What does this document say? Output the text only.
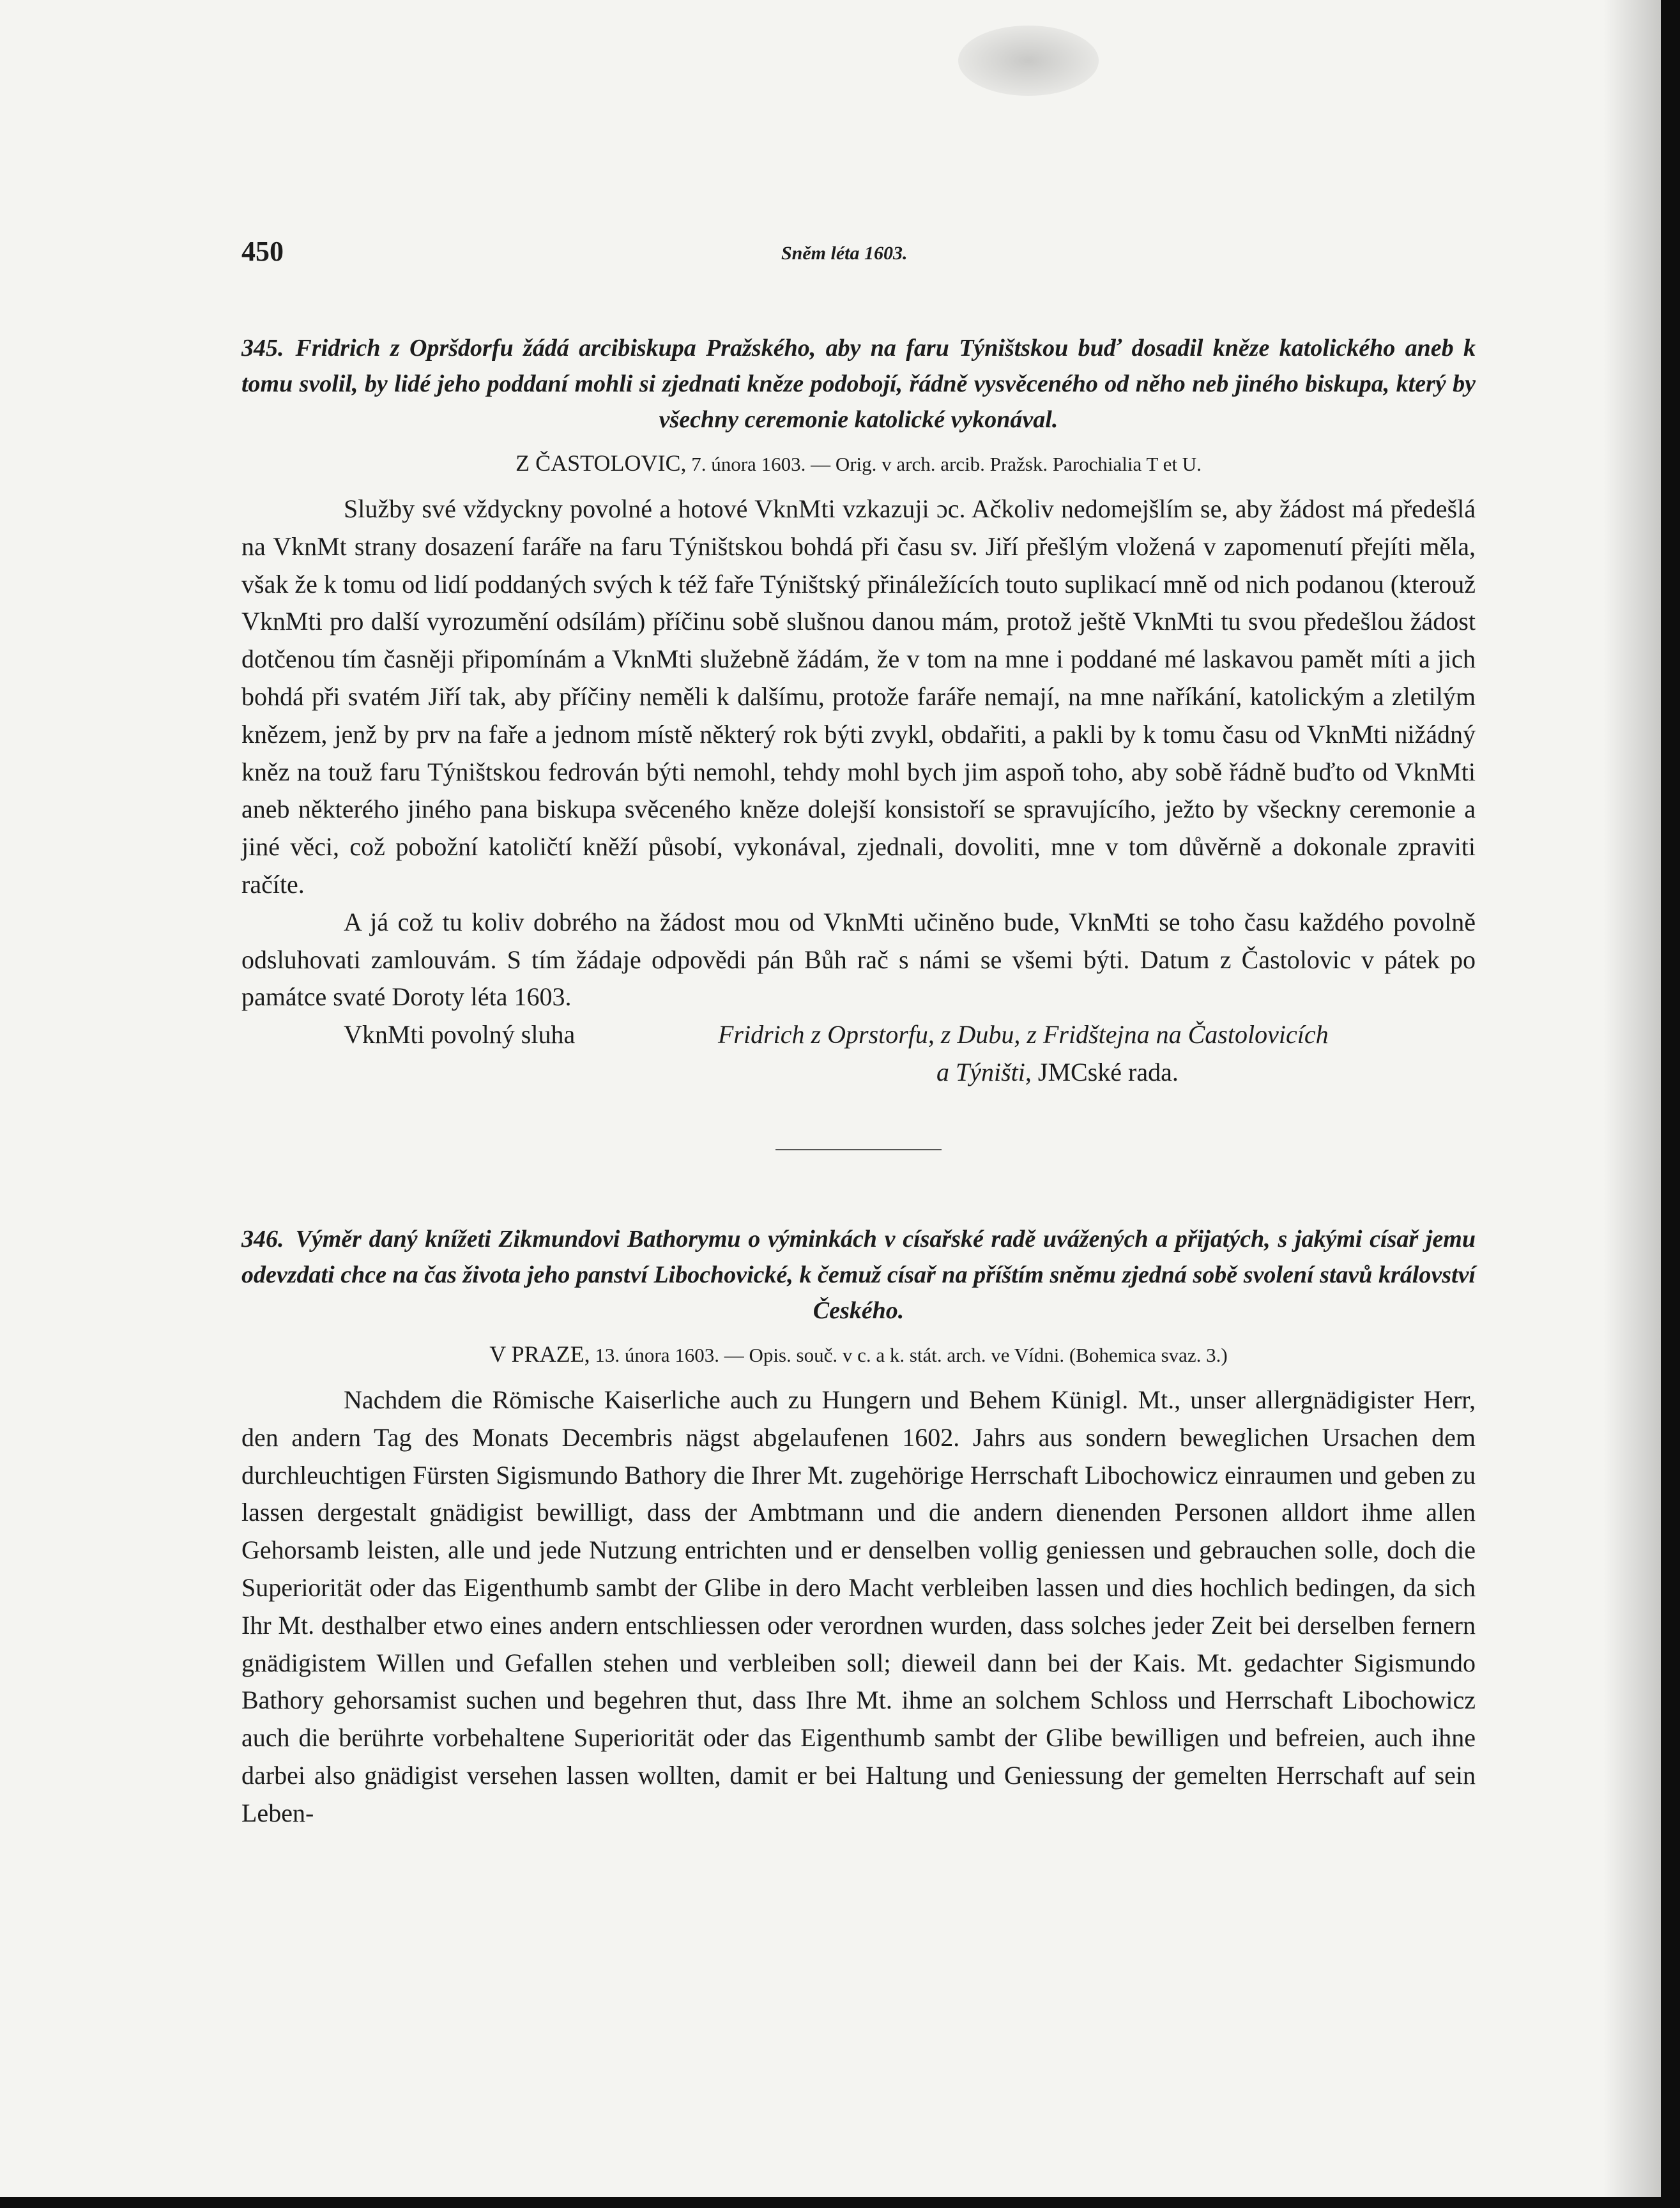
450	Sněm léta 1603.

345. Fridrich z Opršdorfu žádá arcibiskupa Pražského, aby na faru Týništskou buď dosadil kněze katolického aneb k tomu svolil, by lidé jeho poddaní mohli si zjednati kněze podobojí, řádně vysvěceného od něho neb jiného biskupa, který by všechny ceremonie katolické vykonával.

Z ČASTOLOVIC, 7. února 1603. — Orig. v arch. arcib. Pražsk. Parochialia T et U.

Služby své vždyckny povolné a hotové VknMti vzkazuji ɔc. Ačkoliv nedomejšlím se, aby žádost má předešlá na VknMt strany dosazení faráře na faru Týništskou bohdá při času sv. Jiří přešlým vložená v zapomenutí přejíti měla, však že k tomu od lidí poddaných svých k též faře Týništský přináležících touto suplikací mně od nich podanou (kterouž VknMti pro další vyrozumění odsílám) příčinu sobě slušnou danou mám, protož ještě VknMti tu svou předešlou žádost dotčenou tím časněji připomínám a VknMti služebně žádám, že v tom na mne i poddané mé laskavou pamět míti a jich bohdá při svatém Jiří tak, aby příčiny neměli k dalšímu, protože faráře nemají, na mne naříkání, katolickým a zletilým knězem, jenž by prv na faře a jednom místě některý rok býti zvykl, obdařiti, a pakli by k tomu času od VknMti nižádný kněz na touž faru Týništskou fedrován býti nemohl, tehdy mohl bych jim aspoň toho, aby sobě řádně buďto od VknMti aneb některého jiného pana biskupa svěceného kněze dolejší konsistoří se spravujícího, ježto by všeckny ceremonie a jiné věci, což pobožní katoličtí kněží působí, vykonával, zjednali, dovoliti, mne v tom důvěrně a dokonale zpraviti račíte.

A já což tu koliv dobrého na žádost mou od VknMti učiněno bude, VknMti se toho času každého povolně odsluhovati zamlouvám. S tím žádaje odpovědi pán Bůh rač s námi se všemi býti. Datum z Častolovic v pátek po památce svaté Doroty léta 1603.

VknMti povolný sluha	Fridrich z Oprstorfu, z Dubu, z Fridštejna na Častolovicích
a Týništi, JMCské rada.

346. Výměr daný knížeti Zikmundovi Bathorymu o výminkách v císařské radě uvážených a přijatých, s jakými císař jemu odevzdati chce na čas života jeho panství Libochovické, k čemuž císař na příštím sněmu zjedná sobě svolení stavů království Českého.

V PRAZE, 13. února 1603. — Opis. souč. v c. a k. stát. arch. ve Vídni. (Bohemica svaz. 3.)

Nachdem die Römische Kaiserliche auch zu Hungern und Behem Künigl. Mt., unser allergnädigister Herr, den andern Tag des Monats Decembris nägst abgelaufenen 1602. Jahrs aus sondern beweglichen Ursachen dem durchleuchtigen Fürsten Sigismundo Bathory die Ihrer Mt. zugehörige Herrschaft Libochowicz einraumen und geben zu lassen dergestalt gnädigist bewilligt, dass der Ambtmann und die andern dienenden Personen alldort ihme allen Gehorsamb leisten, alle und jede Nutzung entrichten und er denselben vollig geniessen und gebrauchen solle, doch die Superiorität oder das Eigenthumb sambt der Glibe in dero Macht verbleiben lassen und dies hochlich bedingen, da sich Ihr Mt. desthalber etwo eines andern entschliessen oder verordnen wurden, dass solches jeder Zeit bei derselben fernern gnädigistem Willen und Gefallen stehen und verbleiben soll; dieweil dann bei der Kais. Mt. gedachter Sigismundo Bathory gehorsamist suchen und begehren thut, dass Ihre Mt. ihme an solchem Schloss und Herrschaft Libochowicz auch die berührte vorbehaltene Superiorität oder das Eigenthumb sambt der Glibe bewilligen und befreien, auch ihne darbei also gnädigist versehen lassen wollten, damit er bei Haltung und Geniessung der gemelten Herrschaft auf sein Leben-
